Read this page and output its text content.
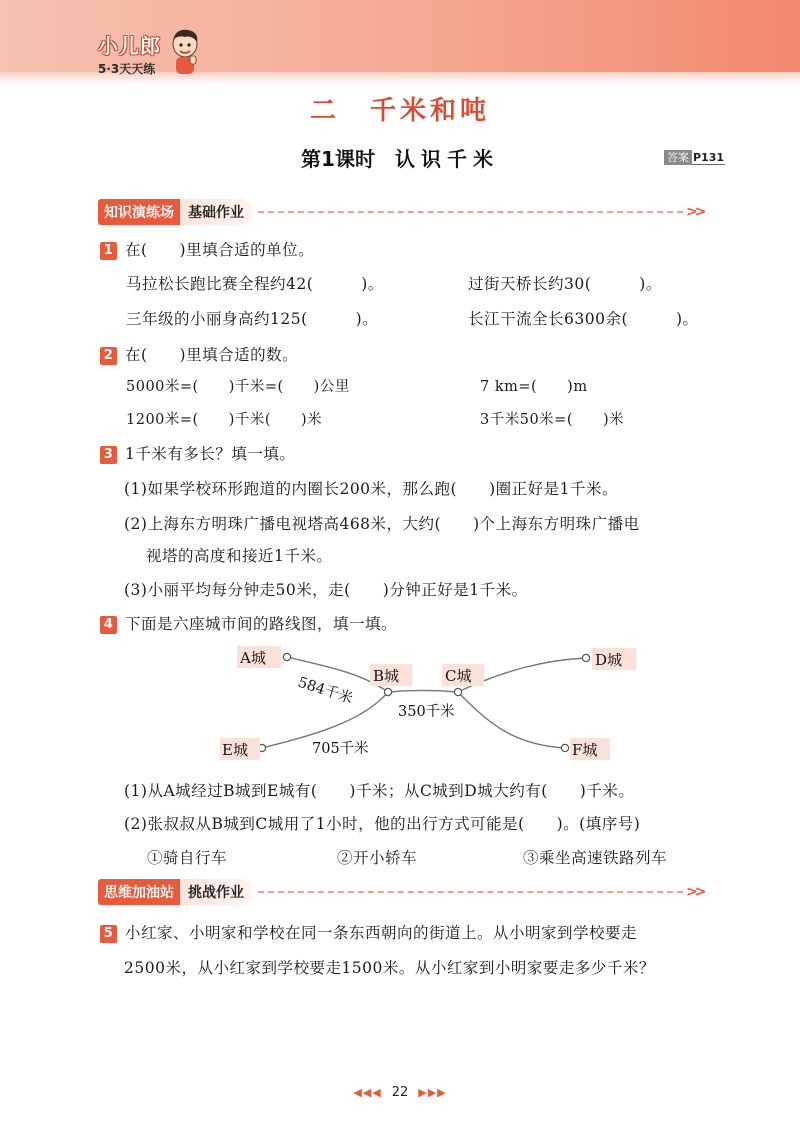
小儿郎
5·3天天练
二　千米和吨
第1课时 认识千米	答案 P131
知识演练场	基础作业	>>
1 在(　　)里填合适的单位。
马拉松长跑比赛全程约42(　　　)。	过街天桥长约30(　　　)。
三年级的小丽身高约125(　　　)。	长江干流全长6300余(　　　)。
2 在(　　)里填合适的数。
5000米=(　　)千米=(　　)公里	7 km=(　　)m
1200米=(　　)千米(　　)米	3千米50米=(　　)米
3 1千米有多长？填一填。
(1)如果学校环形跑道的内圈长200米，那么跑(　　)圈正好是1千米。
(2)上海东方明珠广播电视塔高468米，大约(　　)个上海东方明珠广播电
视塔的高度和接近1千米。
(3)小丽平均每分钟走50米，走(　　)分钟正好是1千米。
4 下面是六座城市间的路线图，填一填。
A城
B城	C城
D城
E城	F城
584千米
350千米
705千米
(1)从A城经过B城到E城有(　　)千米；从C城到D城大约有(　　)千米。
(2)张叔叔从B城到C城用了1小时，他的出行方式可能是(　　)。(填序号)
①骑自行车	②开小轿车	③乘坐高速铁路列车
思维加油站	挑战作业	>>
5 小红家、小明家和学校在同一条东西朝向的街道上。从小明家到学校要走
2500米，从小红家到学校要走1500米。从小红家到小明家要走多少千米？
◀◀◀ 22 ▶▶▶
